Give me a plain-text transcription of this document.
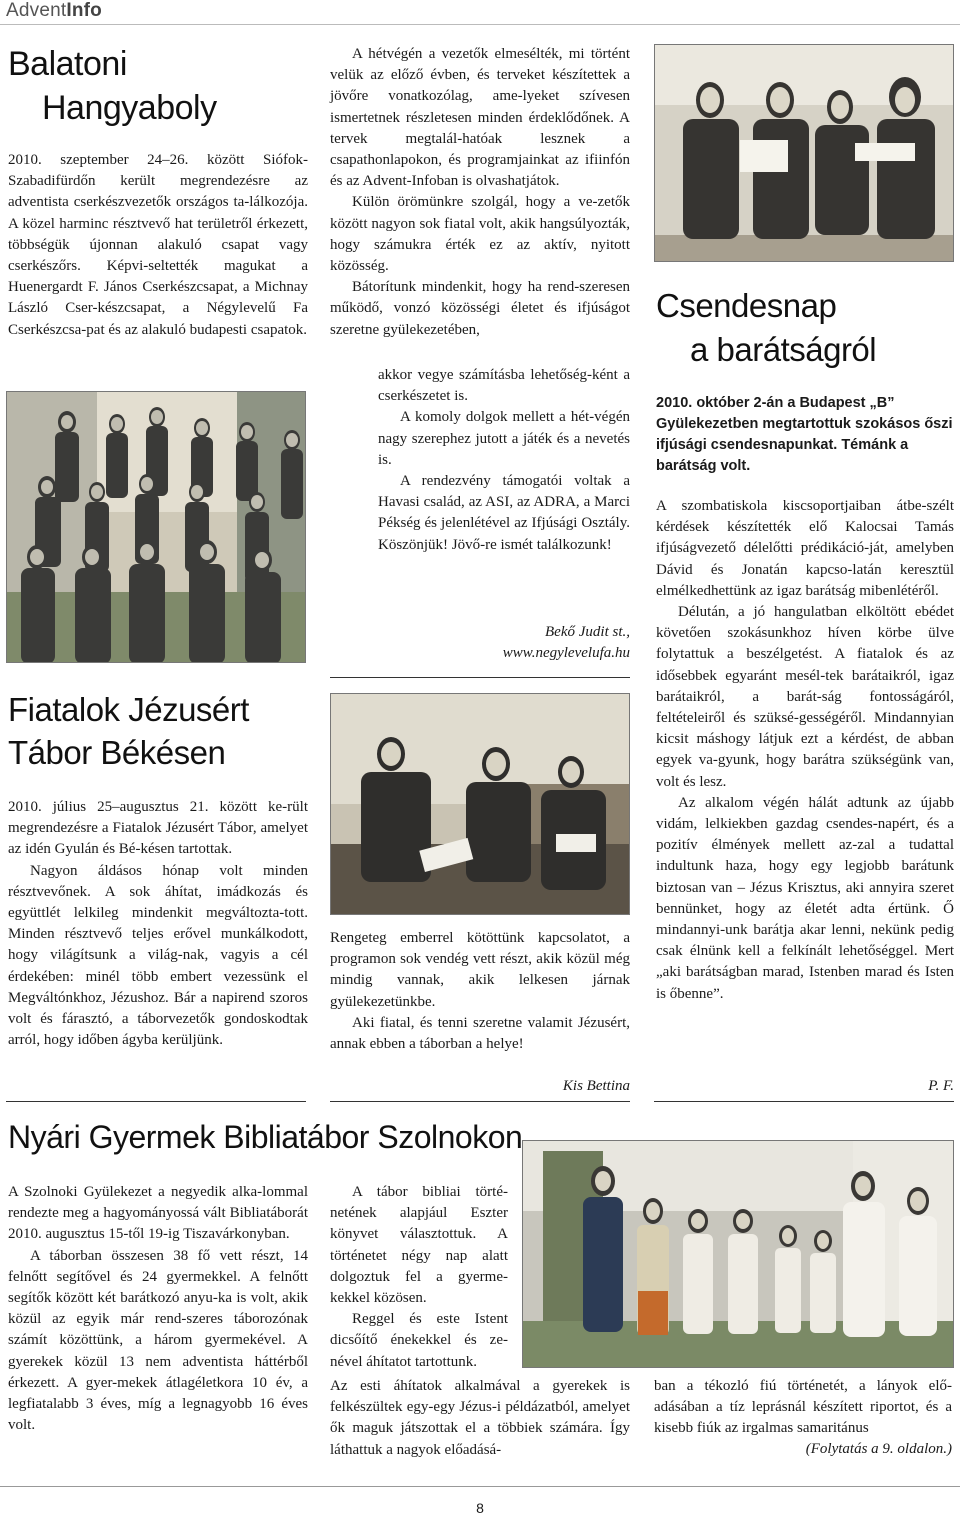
AdventInfo
Balatoni
Hangyaboly

2010. szeptember 24–26. között Siófok-Szabadifürdőn került megrendezésre az adventista cserkészvezetők országos ta-lálkozója. A közel harminc résztvevő hat területről érkezett, többségük újonnan alakuló csapat vagy cserkészőrs. Képvi-seltették magukat a Huenergardt F. János Cserkészcsapat, a Michnay László Cser-készcsapat, a Négylevelű Fa Cserkészcsa-pat és az alakuló budapesti csapatok.

Fiatalok Jézusért
Tábor Békésen

2010. július 25–augusztus 21. között ke-rült megrendezésre a Fiatalok Jézusért Tábor, amelyet az idén Gyulán és Bé-késen tartottak.

Nagyon áldásos hónap volt minden résztvevőnek. A sok áhítat, imádkozás és együttlét lelkileg mindenkit megváltozta-tott. Minden résztvevő teljes erővel munkálkodott, hogy világítsunk a világ-nak, vagyis a cél érdekében: minél több embert vezessünk el Megváltónkhoz, Jézushoz. Bár a napirend szoros volt és fárasztó, a táborvezetők gondoskodtak arról, hogy időben ágyba kerüljünk.

A hétvégén a vezetők elmesélték, mi történt velük az előző évben, és terveket készítettek a jövőre vonatkozólag, ame-lyeket szívesen ismertetnek részletesen minden érdeklődőnek. A tervek megtalál-hatóak lesznek a csapathonlapokon, és programjainkat az ifiinfón és az Advent-Infoban is olvashatjátok.

Külön örömünkre szolgál, hogy a ve-zetők között nagyon sok fiatal volt, akik hangsúlyozták, hogy számukra érték ez az aktív, nyitott közösség.

Bátorítunk mindenkit, hogy ha rend-szeresen működő, vonzó közösségi életet és ifjúságot szeretne gyülekezetében,

akkor vegye számításba lehetőség-ként a cserkészetet is.

A komoly dolgok mellett a hét-végén nagy szerephez jutott a játék és a nevetés is.

A rendezvény támogatói voltak a Havasi család, az ASI, az ADRA, a Marci Pékség és jelenlétével az Ifjúsági Osztály. Köszönjük! Jövő-re ismét találkozunk!

Bekő Judit st.,
www.negylevelufa.hu

Rengeteg emberrel kötöttünk kapcsolatot, a programon sok vendég vett részt, akik közül még mindig vannak, akik lelkesen járnak gyülekezetünkbe.

Aki fiatal, és tenni szeretne valamit Jézusért, annak ebben a táborban a helye!

Kis Bettina
Csendesnap
a barátságról
2010. október 2-án a Budapest „B” Gyülekezetben megtartottuk szokásos őszi ifjúsági csendesnapunkat. Témánk a barátság volt.

A szombatiskola kiscsoportjaiban átbe-szélt kérdések készítették elő Kalocsai Tamás ifjúságvezető délelőtti prédikáció-ját, amelyben Dávid és Jonatán kapcso-latán keresztül elmélkedhettünk az igaz barátság mibenlétéről.

Délután, a jó hangulatban elköltött ebédet követően szokásunkhoz híven körbe ülve folytattuk a beszélgetést. A fiatalok és az idősebbek egyaránt mesél-tek barátaikról, igaz barátaikról, a barát-ság fontosságáról, feltételeiről és szüksé-gességéről. Mindannyian kicsit máshogy látjuk ezt a kérdést, de abban egyek va-gyunk, hogy barátra szükségünk van, volt és lesz.

Az alkalom végén hálát adtunk az újabb vidám, lelkiekben gazdag csendes-napért, és a pozitív élmények mellett az-zal a tudattal indultunk haza, hogy egy legjobb barátunk biztosan van – Jézus Krisztus, aki annyira szeret bennünket, hogy az életét adta értünk. Ő mindannyi-unk barátja akar lenni, nekünk pedig csak élnünk kell a felkínált lehetőséggel. Mert „aki barátságban marad, Istenben marad és Isten is őbenne”.

P. F.
Nyári Gyermek Bibliatábor Szolnokon

A Szolnoki Gyülekezet a negyedik alka-lommal rendezte meg a hagyományossá vált Bibliatáborát 2010. augusztus 15-től 19-ig Tiszavárkonyban.

A táborban összesen 38 fő vett részt, 14 felnőtt segítővel és 24 gyermekkel. A felnőtt segítők között két barátkozó anyu-ka is volt, akik közül az egyik már rend-szeres táborozónak számít közöttünk, a három gyermekével. A gyerekek közül 13 nem adventista háttérből érkezett. A gyer-mekek átlagéletkora 10 év, a legfiatalabb 3 éves, míg a legnagyobb 16 éves volt.

A tábor bibliai törté-netének alapjául Eszter könyvet választottuk. A történetet négy nap alatt dolgoztuk fel a gyerme-kekkel közösen.

Reggel és este Istent dicsőítő énekekkel és ze-nével áhítatot tartottunk.

Az esti áhítatok alkalmával a gyerekek is felkészültek egy-egy Jézus-i példázatból, amelyet ők maguk játszottak el a többiek számára. Így láthattuk a nagyok előadásá-

ban a tékozló fiú történetét, a lányok elő-adásában a tíz leprásnál készített riportot, és a kisebb fiúk az irgalmas samaritánus

(Folytatás a 9. oldalon.)
8
